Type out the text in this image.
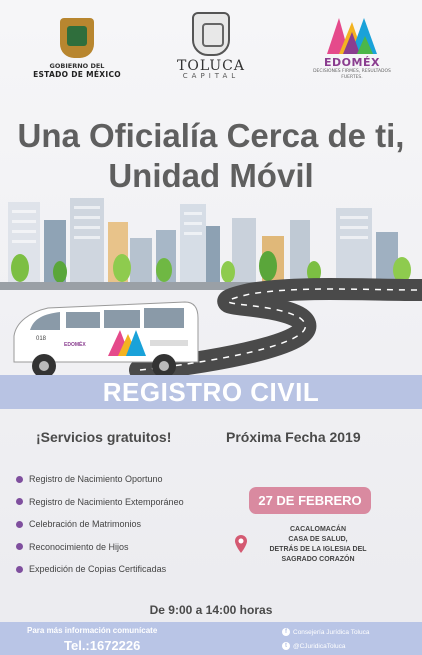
GOBIERNO DEL
ESTADO DE MÉXICO
TOLUCA
CAPITAL
EDOMÉX
DECISIONES FIRMES, RESULTADOS FUERTES.
Una Oficialía Cerca de ti,
Unidad Móvil
018
EDOMÉX
REGISTRO CIVIL
¡Servicios gratuitos!	Próxima Fecha 2019
Registro de Nacimiento Oportuno
Registro de Nacimiento Extemporáneo
Celebración de Matrimonios
Reconocimiento de Hijos
Expedición de Copias Certificadas
27 DE FEBRERO
CACALOMACÁN
CASA DE SALUD,
DETRÁS DE LA IGLESIA DEL
SAGRADO CORAZÓN
De 9:00 a 14:00 horas
Para más información comunícate
Tel.:1672226
f Consejería Jurídica Toluca
t @CJuridicaToluca
